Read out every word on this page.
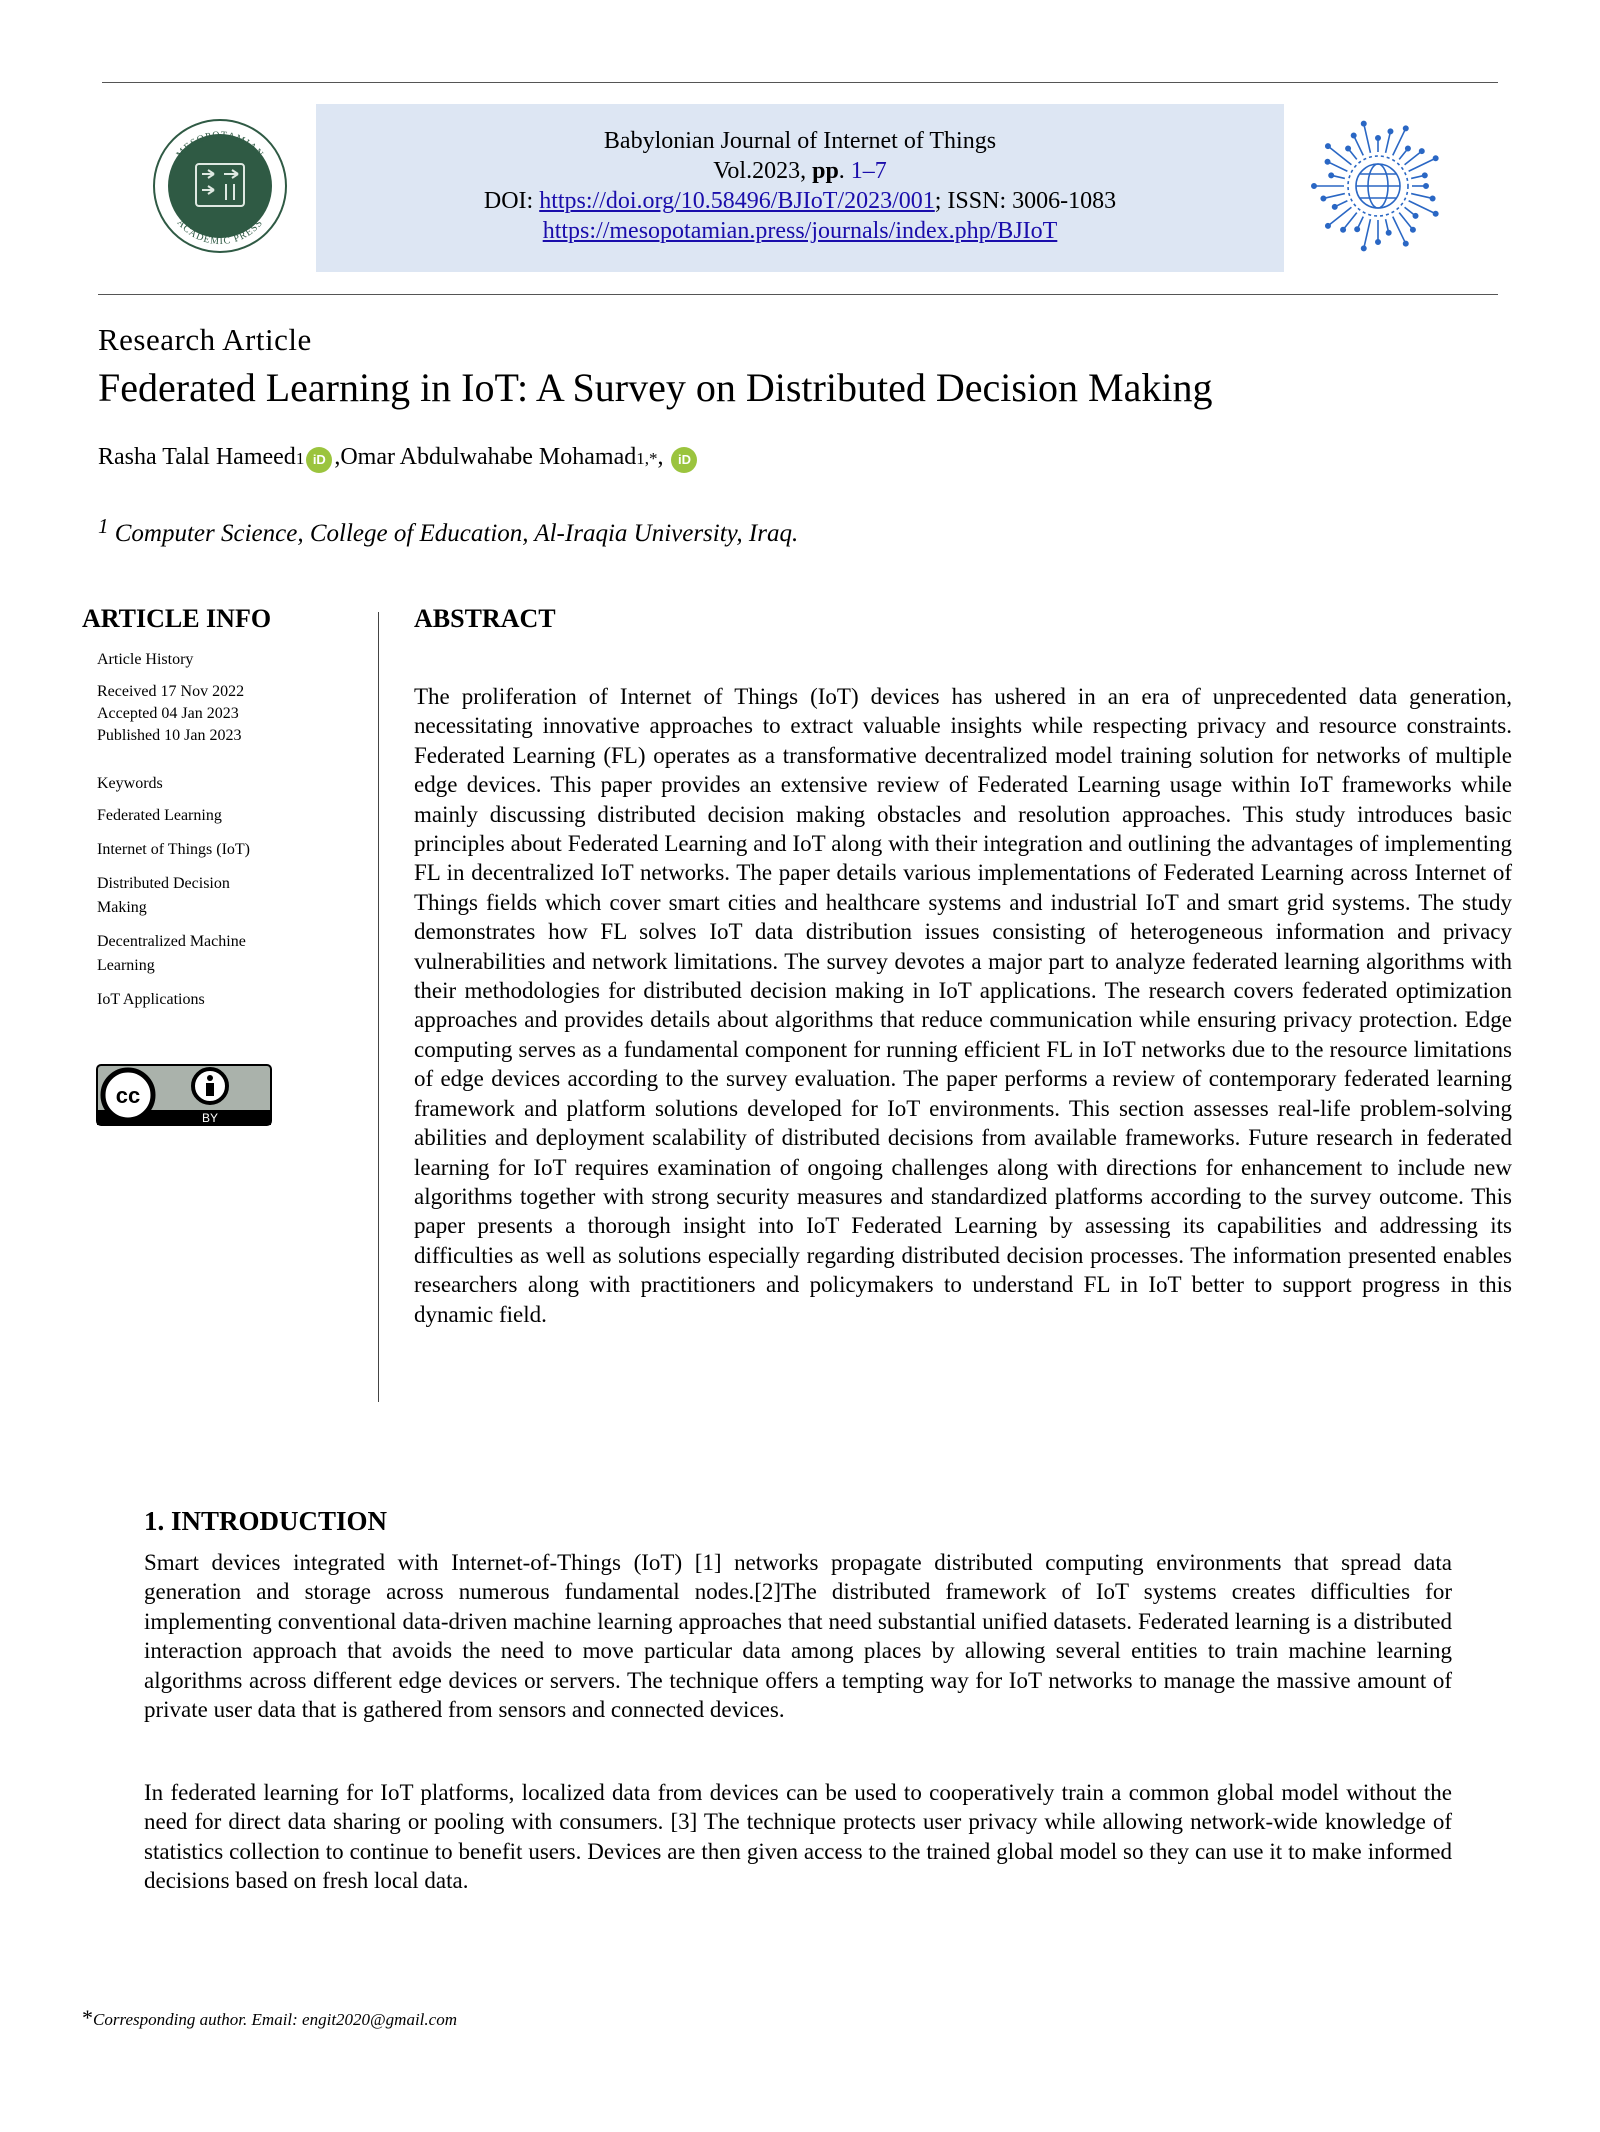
MESOPOTAMIAN
ACADEMIC PRESS
Babylonian Journal of Internet of Things
Vol.2023, pp. 1–7
DOI: https://doi.org/10.58496/BJIoT/2023/001; ISSN: 3006-1083
https://mesopotamian.press/journals/index.php/BJIoT
Research Article
Federated Learning in IoT: A Survey on Distributed Decision Making
Rasha Talal Hameed 1 iD , Omar Abdulwahabe Mohamad 1,* ,
	iD
$^1$ Computer Science, College of Education, Al-Iraqia University, Iraq.
ARTICLE INFO
Article History
Received 17 Nov 2022
Accepted 04 Jan 2023
Published 10 Jan 2023
Keywords
Federated Learning
Internet of Things (IoT)
Distributed Decision Making
Decentralized Machine Learning
IoT Applications
cc
BY
ABSTRACT
The proliferation of Internet of Things (IoT) devices has ushered in an era of unprecedented data generation, necessitating innovative approaches to extract valuable insights while respecting privacy and resource constraints. Federated Learning (FL) operates as a transformative decentralized model training solution for networks of multiple edge devices. This paper provides an extensive review of Federated Learning usage within IoT frameworks while mainly discussing distributed decision making obstacles and resolution approaches. This study introduces basic principles about Federated Learning and IoT along with their integration and outlining the advantages of implementing FL in decentralized IoT networks. The paper details various implementations of Federated Learning across Internet of Things fields which cover smart cities and healthcare systems and industrial IoT and smart grid systems. The study demonstrates how FL solves IoT data distribution issues consisting of heterogeneous information and privacy vulnerabilities and network limitations. The survey devotes a major part to analyze federated learning algorithms with their methodologies for distributed decision making in IoT applications. The research covers federated optimization approaches and provides details about algorithms that reduce communication while ensuring privacy protection. Edge computing serves as a fundamental component for running efficient FL in IoT networks due to the resource limitations of edge devices according to the survey evaluation. The paper performs a review of contemporary federated learning framework and platform solutions developed for IoT environments. This section assesses real-life problem-solving abilities and deployment scalability of distributed decisions from available frameworks. Future research in federated learning for IoT requires examination of ongoing challenges along with directions for enhancement to include new algorithms together with strong security measures and standardized platforms according to the survey outcome. This paper presents a thorough insight into IoT Federated Learning by assessing its capabilities and addressing its difficulties as well as solutions especially regarding distributed decision processes. The information presented enables researchers along with practitioners and policymakers to understand FL in IoT better to support progress in this dynamic field.
1. INTRODUCTION
Smart devices integrated with Internet-of-Things (IoT) [1] networks propagate distributed computing environments that spread data generation and storage across numerous fundamental nodes.[2]The distributed framework of IoT systems creates difficulties for implementing conventional data-driven machine learning approaches that need substantial unified datasets. Federated learning is a distributed interaction approach that avoids the need to move particular data among places by allowing several entities to train machine learning algorithms across different edge devices or servers. The technique offers a tempting way for IoT networks to manage the massive amount of private user data that is gathered from sensors and connected devices.
In federated learning for IoT platforms, localized data from devices can be used to cooperatively train a common global model without the need for direct data sharing or pooling with consumers. [3] The technique protects user privacy while allowing network-wide knowledge of statistics collection to continue to benefit users. Devices are then given access to the trained global model so they can use it to make informed decisions based on fresh local data.
*Corresponding author. Email: engit2020@gmail.com
